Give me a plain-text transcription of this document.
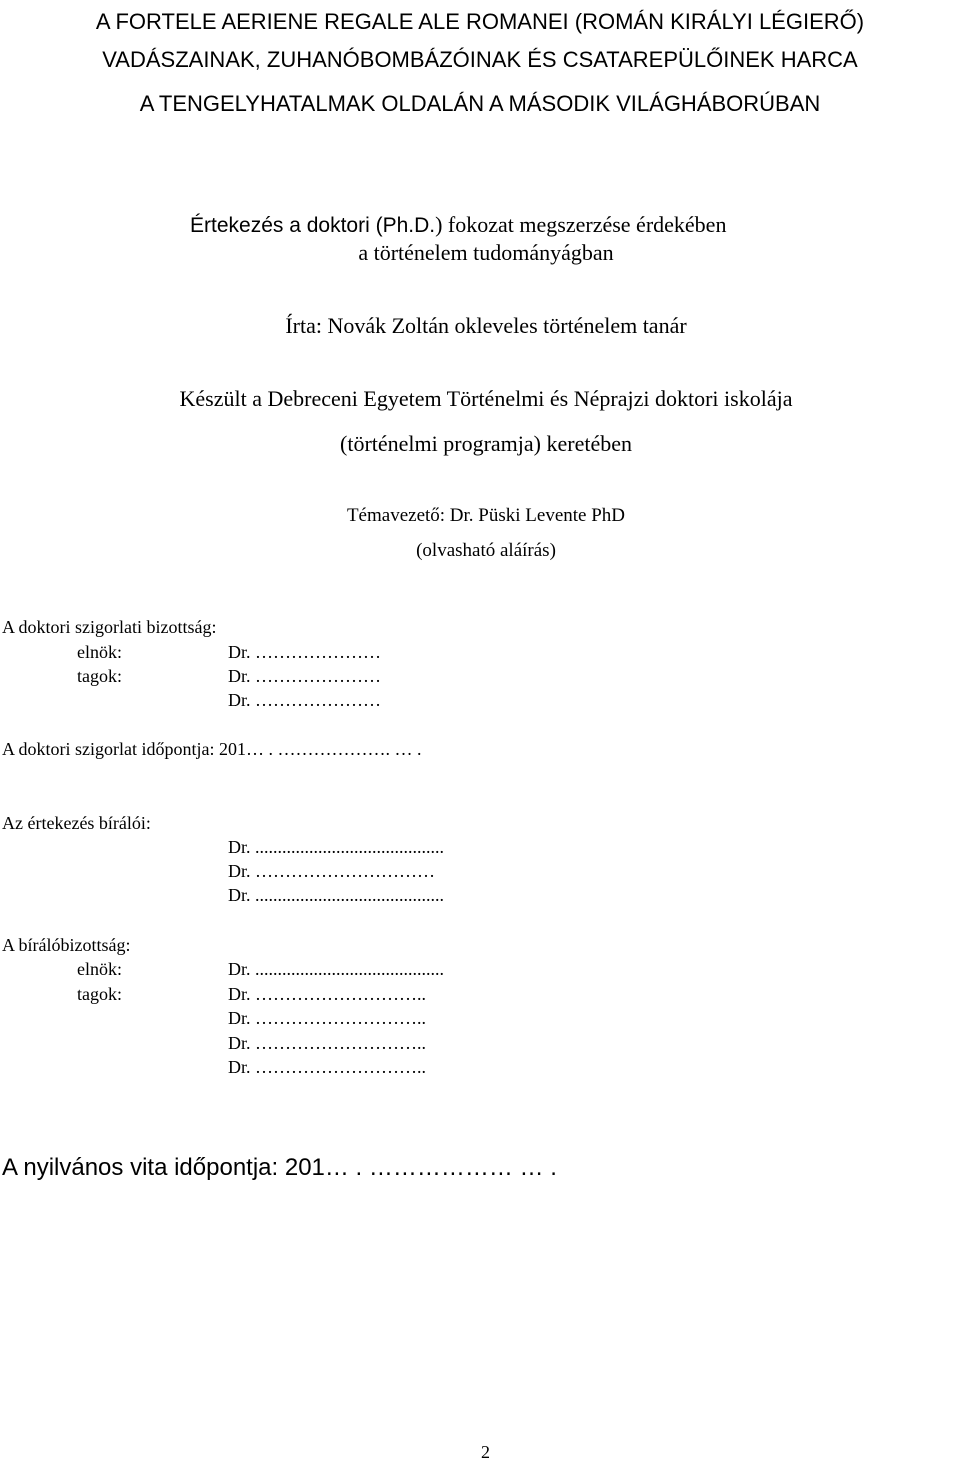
A FORTELE AERIENE REGALE ALE ROMANEI (ROMÁN KIRÁLYI LÉGIERŐ)
VADÁSZAINAK, ZUHANÓBOMBÁZÓINAK ÉS CSATAREPÜLŐINEK HARCA
A TENGELYHATALMAK OLDALÁN A MÁSODIK VILÁGHÁBORÚBAN

Értekezés a doktori (Ph.D.) fokozat megszerzése érdekében

a történelem tudományágban
Írta: Novák Zoltán okleveles történelem tanár
Készült a Debreceni Egyetem Történelmi és Néprajzi doktori iskolája
(történelmi programja) keretében
Témavezető: Dr. Püski Levente PhD
(olvasható aláírás)
A doktori szigorlati bizottság:
elnök:	Dr. …………………
tagok:	Dr. …………………
Dr. …………………
A doktori szigorlat időpontja: 201… . ………………. … .
Az értekezés bírálói:
Dr. ..........................................
Dr. …………………………
Dr. ..........................................
A bírálóbizottság:
elnök:	Dr. ..........................................
tagok:	Dr. ………………………..
Dr. ………………………..
Dr. ………………………..
Dr. ………………………..
A nyilvános vita időpontja: 201… . ……………… … .
2
